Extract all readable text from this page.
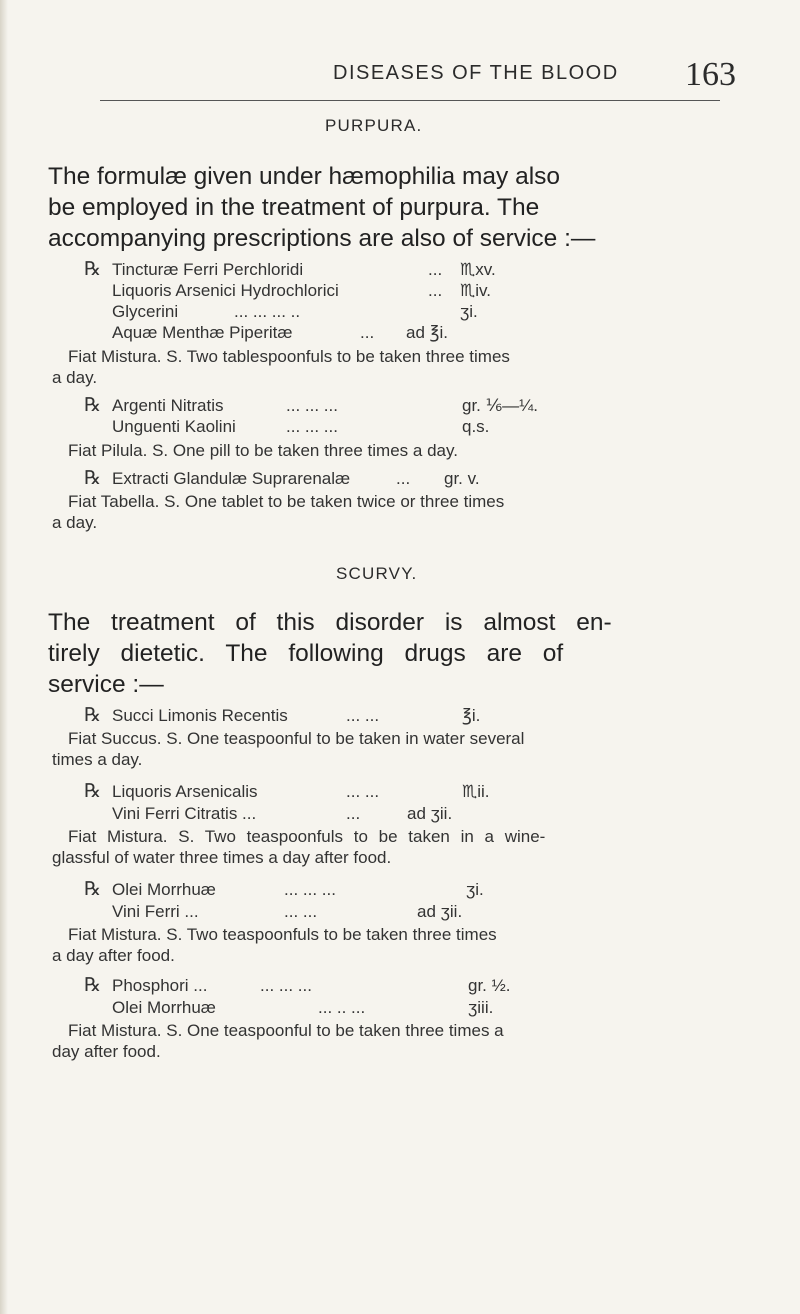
DISEASES OF THE BLOOD 163
PURPURA.
The formulæ given under hæmophilia may also
be employed in the treatment of purpura. The
accompanying prescriptions are also of service :—
℞ Tincturæ Ferri Perchloridi	... ♏xv.
Liquoris Arsenici Hydrochlorici	... ♏iv.
Glycerini	... ... ... ..	ʒi.
Aquæ Menthæ Piperitæ	... ad ℥i.
Fiat Mistura. S. Two tablespoonfuls to be taken three times
a day.
℞ Argenti Nitratis	... ... ...	gr. ⅙—¼.
Unguenti Kaolini	... ... ...	q.s.
Fiat Pilula. S. One pill to be taken three times a day.
℞ Extracti Glandulæ Suprarenalæ	... gr. v.
Fiat Tabella. S. One tablet to be taken twice or three times
a day.
SCURVY.
The treatment of this disorder is almost en-
tirely dietetic. The following drugs are of
service :—
℞ Succi Limonis Recentis	... ...	℥i.
Fiat Succus. S. One teaspoonful to be taken in water several
times a day.
℞ Liquoris Arsenicalis	... ...	♏ii.
Vini Ferri Citratis ...	...	ad ʒii.
Fiat Mistura. S. Two teaspoonfuls to be taken in a wine-
glassful of water three times a day after food.
℞ Olei Morrhuæ	... ... ...	ʒi.
Vini Ferri ...	... ...	ad ʒii.
Fiat Mistura. S. Two teaspoonfuls to be taken three times
a day after food.
℞ Phosphori ...	... ... ...	gr. ½.
Olei Morrhuæ	... .. ...	ʒiii.
Fiat Mistura. S. One teaspoonful to be taken three times a
day after food.
